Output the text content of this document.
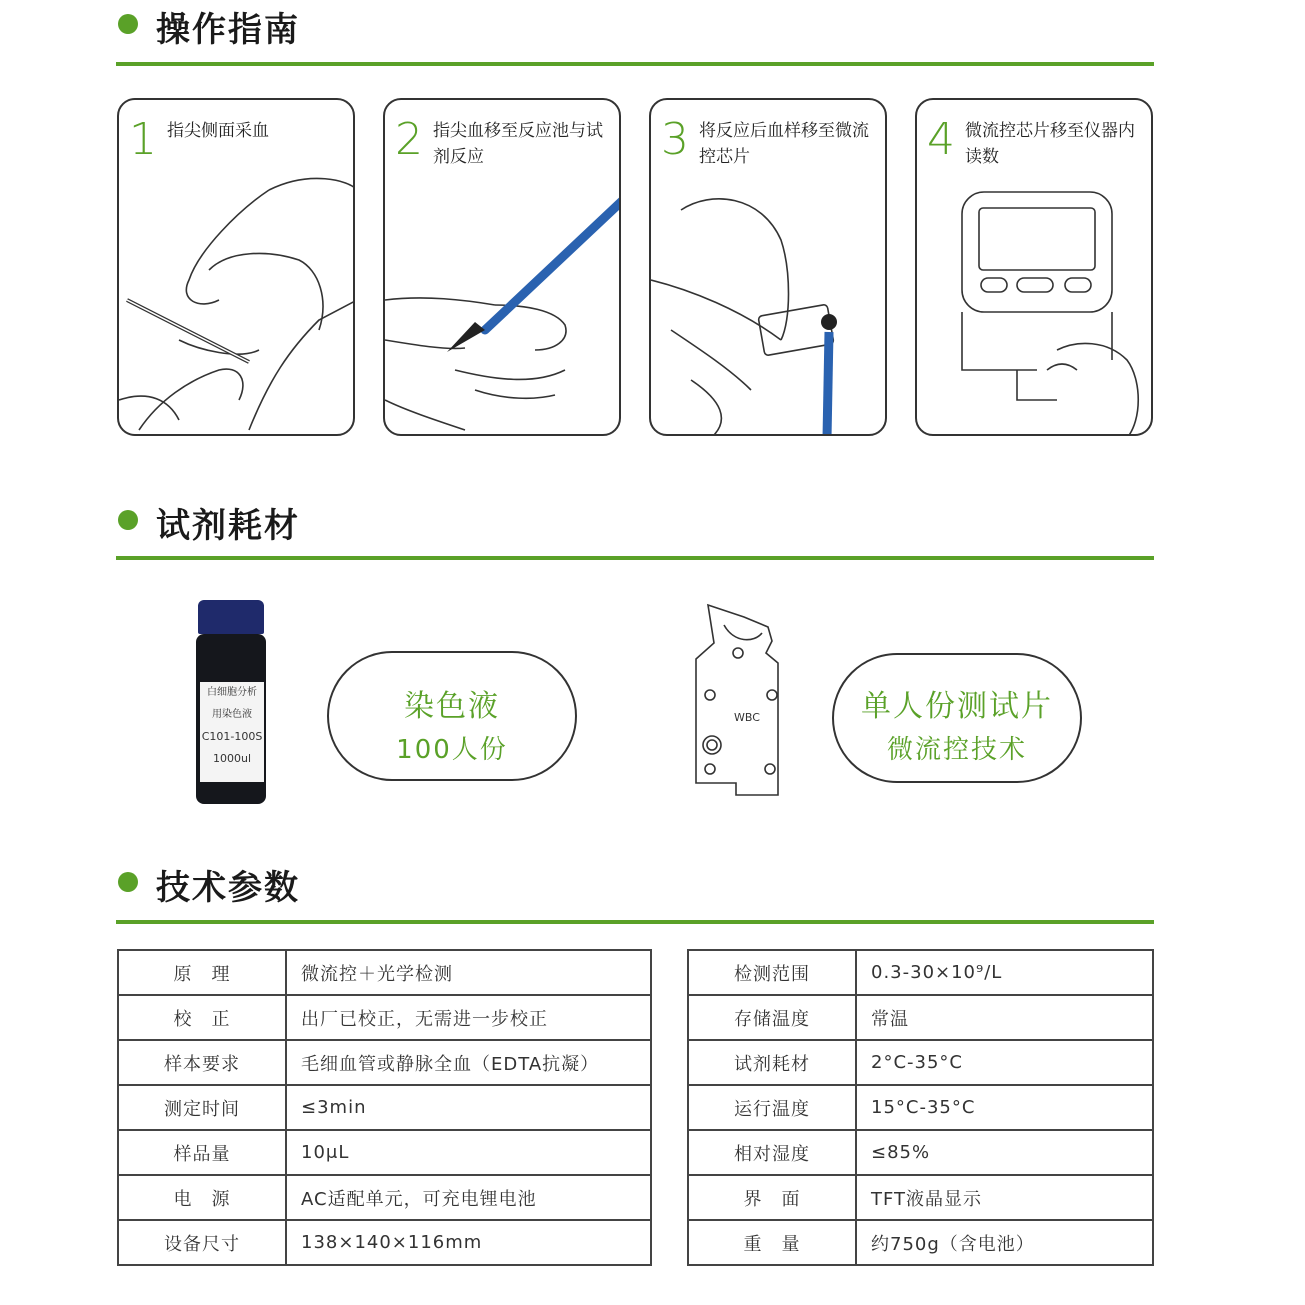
操作指南
1 指尖侧面采血	2 指尖血移至反应池与试剂反应	3 将反应后血样移至微流控芯片	4 微流控芯片移至仪器内读数
试剂耗材
白细胞分析
用染色液
C101-100S
1000ul
染色液
100人份
WBC	单人份测试片
微流控技术
技术参数
原　理	微流控＋光学检测
校　正	出厂已校正，无需进一步校正
样本要求	毛细血管或静脉全血（EDTA抗凝）
测定时间	≤3min
样品量	10μL
电　源	AC适配单元，可充电锂电池
设备尺寸	138×140×116mm
检测范围	0.3-30×10⁹/L
存储温度	常温
试剂耗材	2°C-35°C
运行温度	15°C-35°C
相对湿度	≤85%
界　面	TFT液晶显示
重　量	约750g（含电池）
